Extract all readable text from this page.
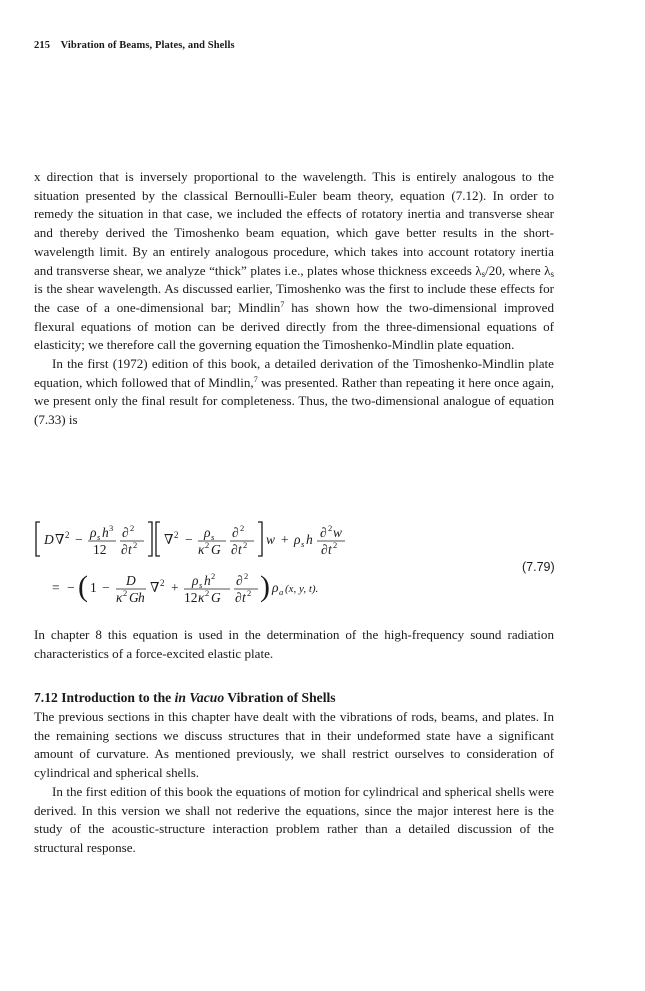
215 Vibration of Beams, Plates, and Shells

x direction that is inversely proportional to the wavelength. This is entirely analogous to the situation presented by the classical Bernoulli-Euler beam theory, equation (7.12). In order to remedy the situation in that case, we included the effects of rotatory inertia and transverse shear and thereby derived the Timoshenko beam equation, which gave better results in the short-wavelength limit. By an entirely analogous procedure, which takes into account rotatory inertia and transverse shear, we analyze “thick” plates i.e., plates whose thickness exceeds $\lambda_s/20$, where $\lambda_s$ is the shear wavelength. As discussed earlier, Timoshenko was the first to include these effects for the case of a one-dimensional bar; Mindlin$^7$ has shown how the two-dimensional improved flexural equations of motion can be derived directly from the three-dimensional equations of elasticity; we therefore call the governing equation the Timoshenko-Mindlin plate equation.

In the first (1972) edition of this book, a detailed derivation of the Timoshenko-Mindlin plate equation, which followed that of Mindlin,$^7$ was presented. Rather than repeating it here once again, we present only the final result for completeness. Thus, the two-dimensional analogue of equation (7.33) is

D ∇ 2 − ρ s h 3
12
∂ 2
∂ t 2 ∇ 2 − ρ s
κ 2 G
∂ 2
∂ t 2 w + ρ s h ∂ 2 w
∂ t 2
= − ( 1 − D
κ 2 G h
∇ 2 + ρ s h 2
12 κ 2 G
∂ 2
∂ t 2 ) ρ a (x, y, t).
(7.79)

In chapter 8 this equation is used in the determination of the high-frequency sound radiation characteristics of a force-excited elastic plate.

7.12 Introduction to the in Vacuo Vibration of Shells

The previous sections in this chapter have dealt with the vibrations of rods, beams, and plates. In the remaining sections we discuss structures that in their undeformed state have a significant amount of curvature. As mentioned previously, we shall restrict ourselves to consideration of cylindrical and spherical shells.

In the first edition of this book the equations of motion for cylindrical and spherical shells were derived. In this version we shall not rederive the equations, since the major interest here is the study of the acoustic-structure interaction problem rather than a detailed discussion of the structural response.
